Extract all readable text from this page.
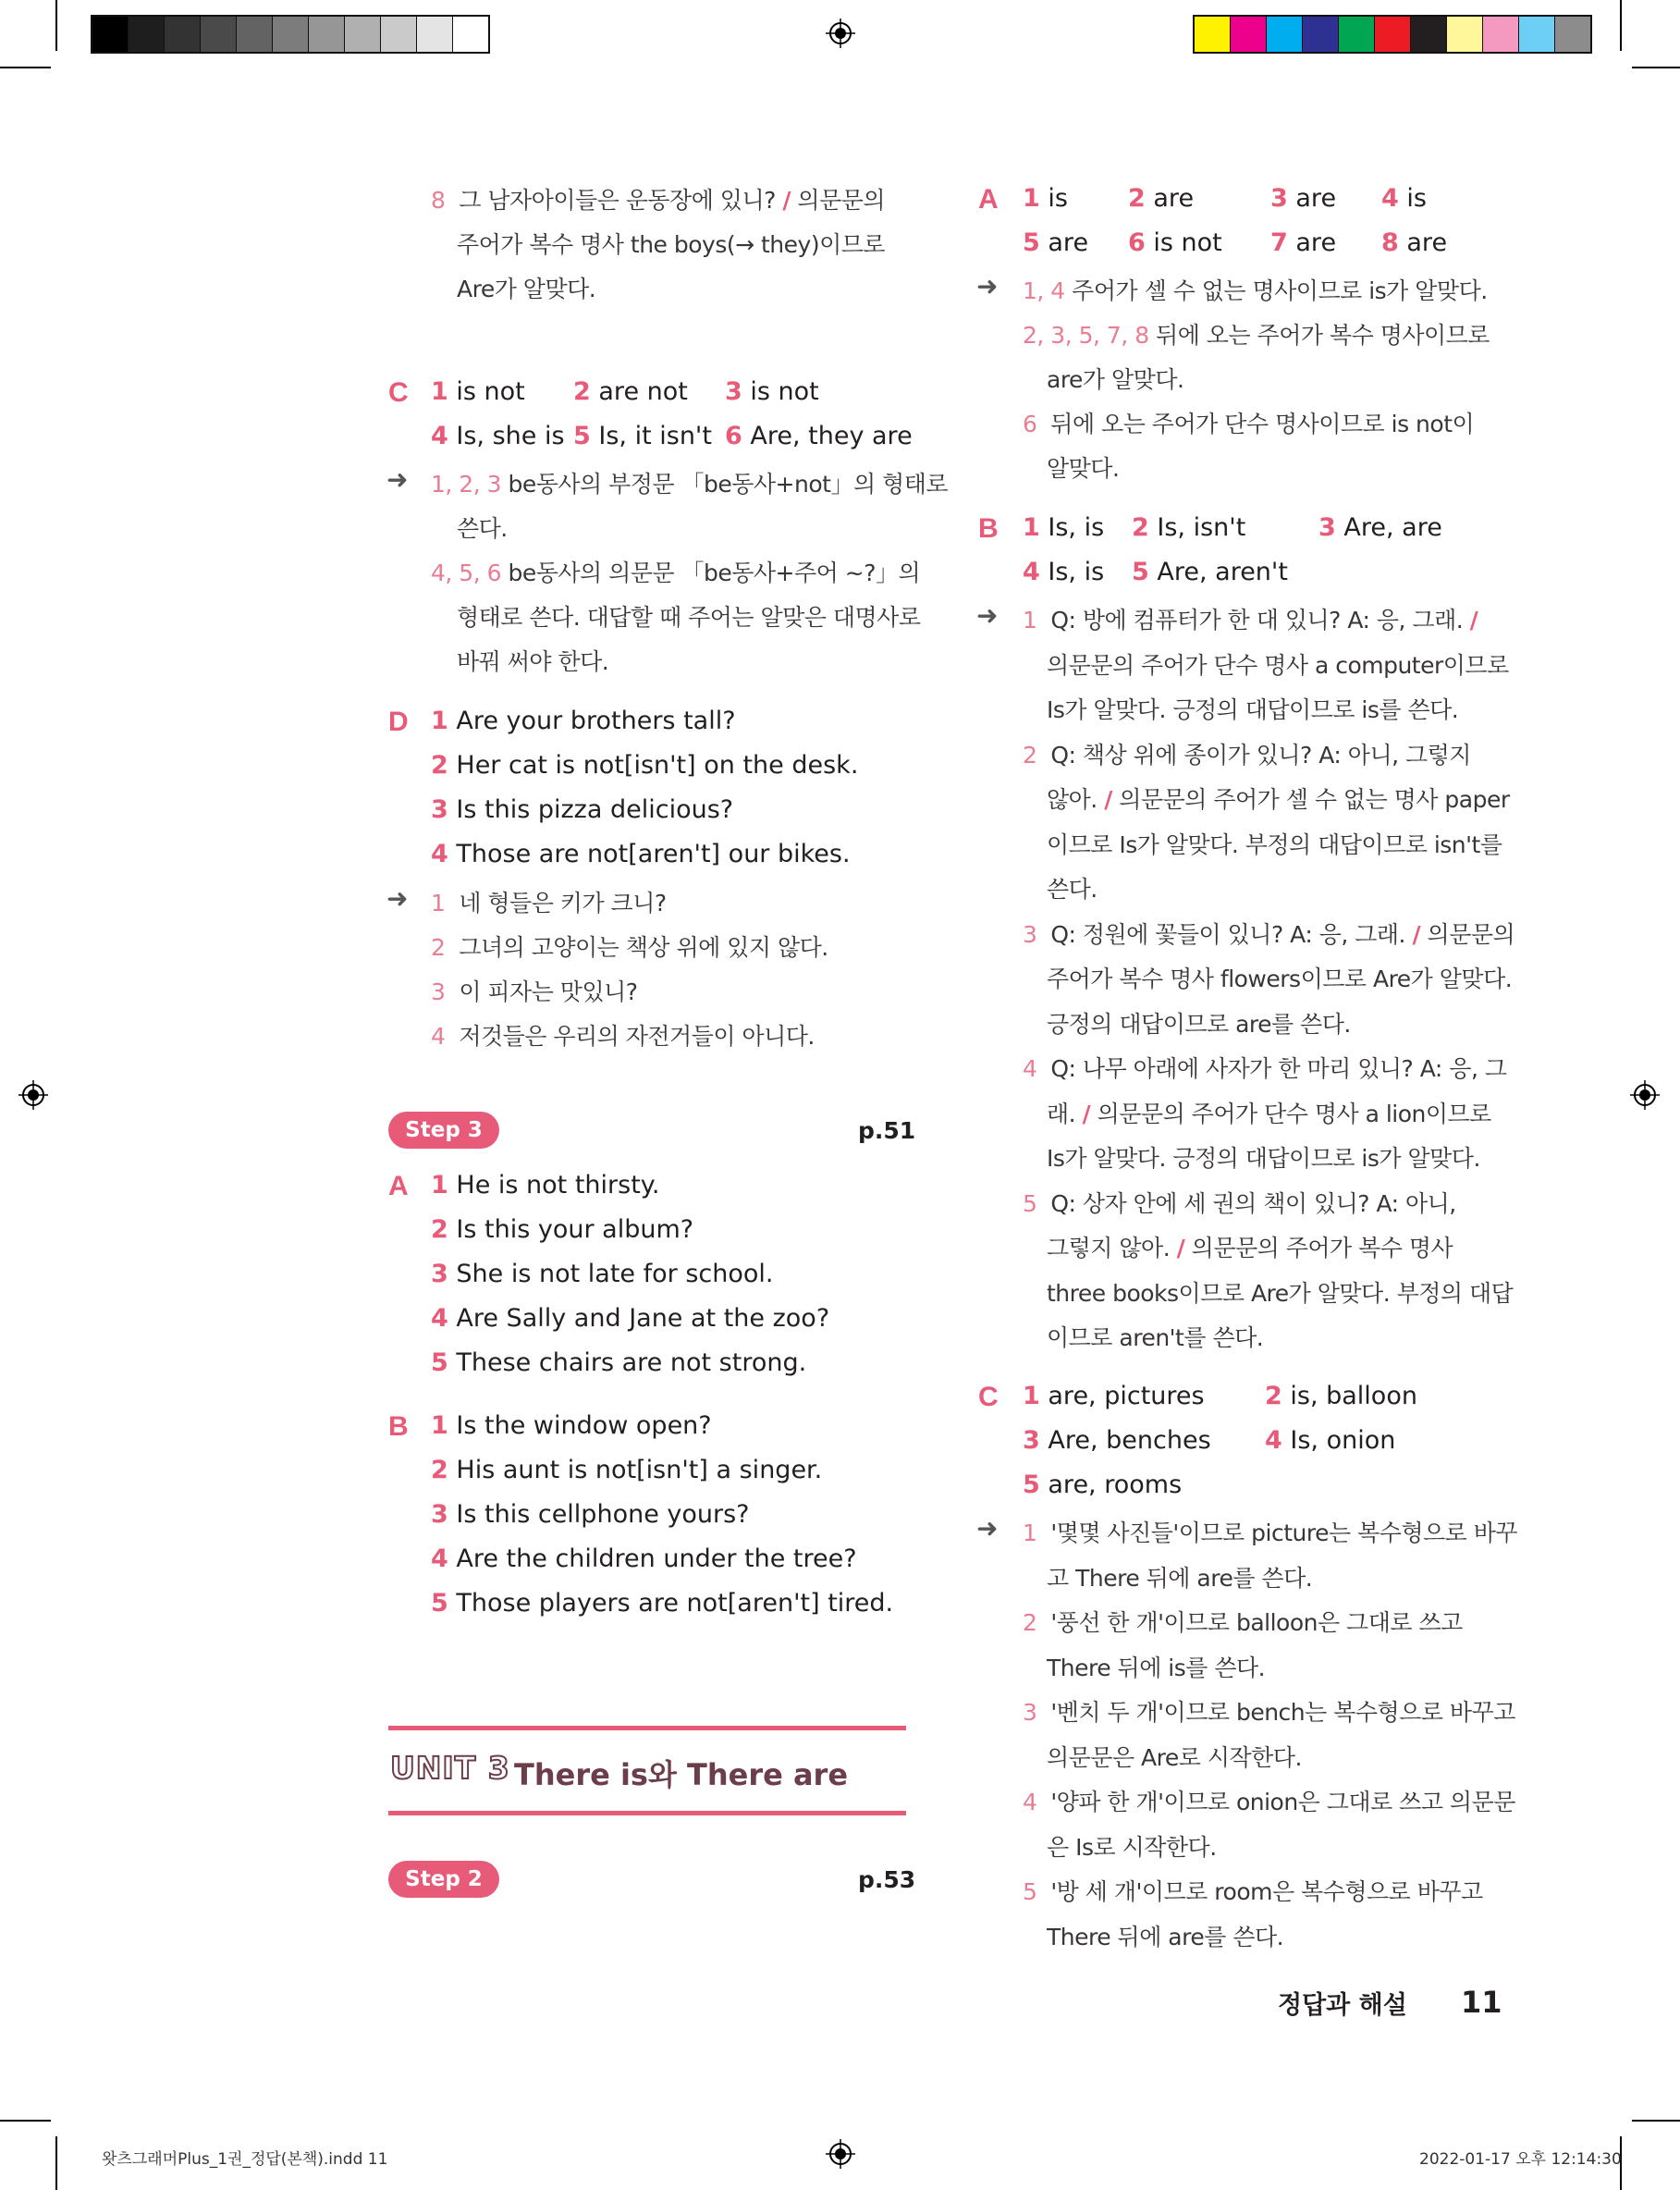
8 그 남자아이들은 운동장에 있니? / 의문문의
주어가 복수 명사 the boys(→ they)이므로
Are가 알맞다.
C 1 is not 2 are not 3 is not
4 Is, she is 5 Is, it isn't 6 Are, they are
➜ 1, 2, 3 be동사의 부정문 「be동사+not」의 형태로
쓴다.
4, 5, 6 be동사의 의문문 「be동사+주어 ~?」의
형태로 쓴다. 대답할 때 주어는 알맞은 대명사로
바꿔 써야 한다.
D 1 Are your brothers tall?
2 Her cat is not[isn't] on the desk.
3 Is this pizza delicious?
4 Those are not[aren't] our bikes.
➜ 1 네 형들은 키가 크니?
2 그녀의 고양이는 책상 위에 있지 않다.
3 이 피자는 맛있니?
4 저것들은 우리의 자전거들이 아니다.
Step 3	p.51
A 1 He is not thirsty.
2 Is this your album?
3 She is not late for school.
4 Are Sally and Jane at the zoo?
5 These chairs are not strong.
B 1 Is the window open?
2 His aunt is not[isn't] a singer.
3 Is this cellphone yours?
4 Are the children under the tree?
5 Those players are not[aren't] tired.
UNIT 3 There is와 There are
Step 2	p.53
A 1 is 2 are	3 are 4 is
5 are 6 is not 7 are 8 are
➜ 1, 4 주어가 셀 수 없는 명사이므로 is가 알맞다.
2, 3, 5, 7, 8 뒤에 오는 주어가 복수 명사이므로
are가 알맞다.
6  뒤에 오는 주어가 단수 명사이므로 is not이
알맞다.
B 1 Is, is 2 Is, isn't	3 Are, are
4 Is, is 5 Are, aren't
➜ 1 Q: 방에 컴퓨터가 한 대 있니? A: 응, 그래. /
의문문의 주어가 단수 명사 a computer이므로
Is가 알맞다. 긍정의 대답이므로 is를 쓴다.
2 Q: 책상 위에 종이가 있니? A: 아니, 그렇지
않아. / 의문문의 주어가 셀 수 없는 명사 paper
이므로 Is가 알맞다. 부정의 대답이므로 isn't를
쓴다.
3 Q: 정원에 꽃들이 있니? A: 응, 그래. / 의문문의
주어가 복수 명사 flowers이므로 Are가 알맞다.
긍정의 대답이므로 are를 쓴다.
4 Q: 나무 아래에 사자가 한 마리 있니? A: 응, 그
래. / 의문문의 주어가 단수 명사 a lion이므로
Is가 알맞다. 긍정의 대답이므로 is가 알맞다.
5 Q: 상자 안에 세 권의 책이 있니? A: 아니,
그렇지 않아. / 의문문의 주어가 복수 명사
three books이므로 Are가 알맞다. 부정의 대답
이므로 aren't를 쓴다.
C 1 are, pictures 2 is, balloon
3 Are, benches 4 Is, onion
5 are, rooms
➜ 1 '몇몇 사진들'이므로 picture는 복수형으로 바꾸
고 There 뒤에 are를 쓴다.
2 '풍선 한 개'이므로 balloon은 그대로 쓰고
There 뒤에 is를 쓴다.
3 '벤치 두 개'이므로 bench는 복수형으로 바꾸고
의문문은 Are로 시작한다.
4 '양파 한 개'이므로 onion은 그대로 쓰고 의문문
은 Is로 시작한다.
5 '방 세 개'이므로 room은 복수형으로 바꾸고
There 뒤에 are를 쓴다.
정답과 해설 11
왓츠그래머Plus_1권_정답(본책).indd 11	2022-01-17 오후 12:14:30
